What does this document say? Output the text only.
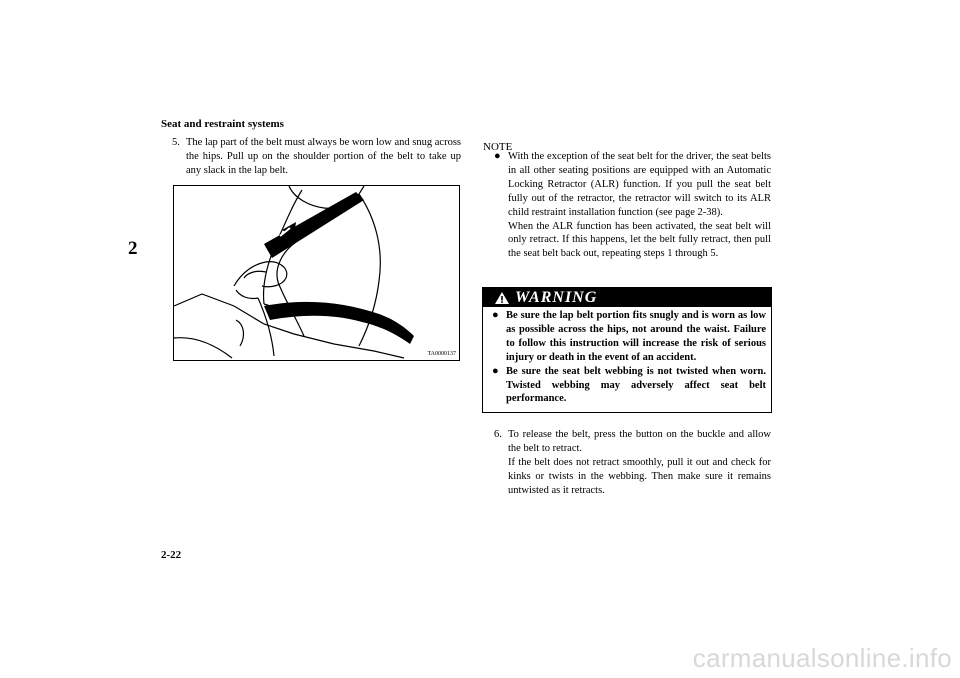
Seat and restraint systems
2
5. The lap part of the belt must always be worn low and snug across the hips. Pull up on the shoulder portion of the belt to take up any slack in the lap belt.
TA0000137
NOTE
● With the exception of the seat belt for the driver, the seat belts in all other seating positions are equipped with an Automatic Locking Retractor (ALR) function. If you pull the seat belt fully out of the retractor, the retractor will switch to its ALR child restraint installation function (see page 2-38).
When the ALR function has been activated, the seat belt will only retract. If this happens, let the belt fully retract, then pull the seat belt back out, repeating steps 1 through 5.
WARNING
● Be sure the lap belt portion fits snugly and is worn as low as possible across the hips, not around the waist. Failure to follow this instruction will increase the risk of serious injury or death in the event of an accident.
● Be sure the seat belt webbing is not twisted when worn. Twisted webbing may adversely affect seat belt performance.
6. To release the belt, press the button on the buckle and allow the belt to retract.
If the belt does not retract smoothly, pull it out and check for kinks or twists in the webbing. Then make sure it remains untwisted as it retracts.
2-22
carmanualsonline.info
